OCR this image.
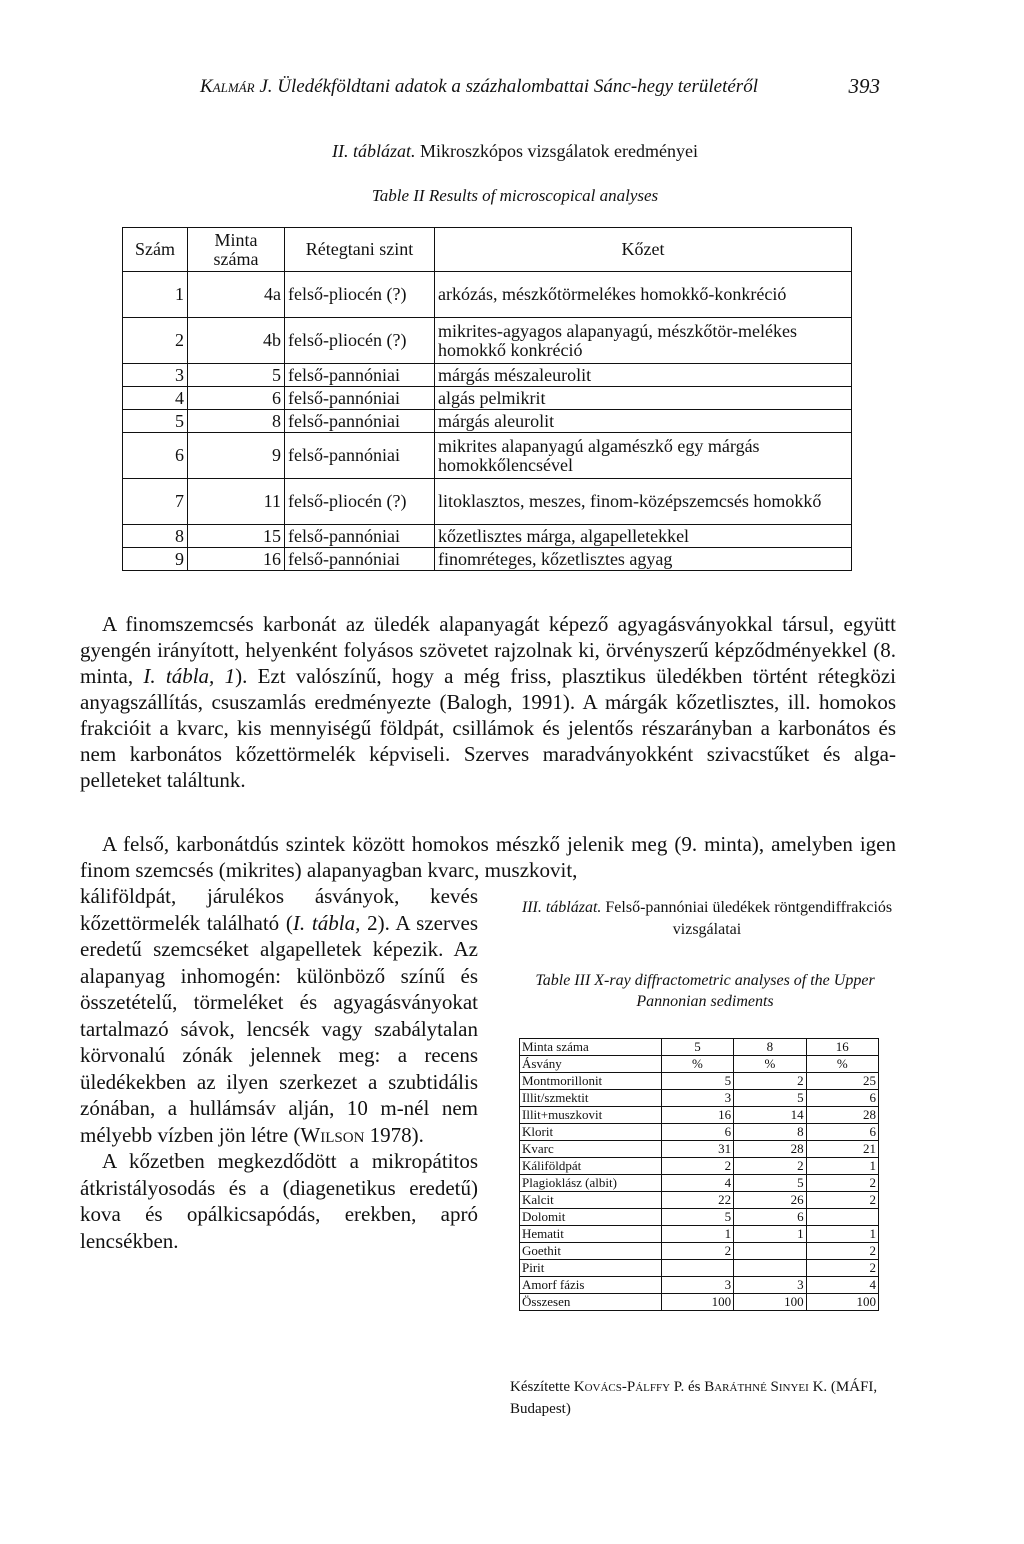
Kalmár J. Üledékföldtani adatok a százhalombattai Sánc-hegy területéről	393
II. táblázat. Mikroszkópos vizsgálatok eredményei
Table II Results of microscopical analyses
Szám	Minta száma	Rétegtani szint	Kőzet
1	4a	felső-pliocén (?)	arkózás, mészkőtörmelékes homokkő-konkréció
2	4b	felső-pliocén (?)	mikrites-agyagos alapanyagú, mészkőtör-melékes homokkő konkréció
3	5	felső-pannóniai	márgás mészaleurolit
4	6	felső-pannóniai	algás pelmikrit
5	8	felső-pannóniai	márgás aleurolit
6	9	felső-pannóniai	mikrites alapanyagú algamészkő egy márgás homokkőlencsével
7	11	felső-pliocén (?)	litoklasztos, meszes, finom-középszemcsés homokkő
8	15	felső-pannóniai	kőzetlisztes márga, algapelletekkel
9	16	felső-pannóniai	finomréteges, kőzetlisztes agyag

A finomszemcsés karbonát az üledék alapanyagát képező agyagásványokkal társul, együtt gyengén irányított, helyenként folyásos szövetet rajzolnak ki, örvényszerű képződményekkel (8. minta, I. tábla, 1). Ezt valószínű, hogy a még friss, plasztikus üledékben történt rétegközi anyagszállítás, csuszamlás eredményezte (Balogh, 1991). A márgák kőzetlisztes, ill. homokos frakcióit a kvarc, kis mennyiségű földpát, csillámok és jelentős részarányban a karbonátos és nem karbonátos kőzettörmelék képviseli. Szerves maradványokként szivacstűket és alga-pelleteket találtunk.

A felső, karbonátdús szintek között homokos mészkő jelenik meg (9. minta), amelyben igen finom szemcsés (mikrites) alapanyagban kvarc, muszkovit,

káliföldpát, járulékos ásványok, kevés kőzettörmelék található (I. tábla, 2). A szerves eredetű szemcséket algapelletek képezik. Az alapanyag inhomogén: különböző színű és összetételű, törmeléket és agyagásványokat tartalmazó sávok, lencsék vagy szabálytalan körvonalú zónák jelennek meg: a recens üledékekben az ilyen szerkezet a szubtidális zónában, a hullámsáv alján, 10 m-nél nem mélyebb vízben jön létre (Wilson 1978).

A kőzetben megkezdődött a mikropátitos átkristályosodás és a (diagenetikus eredetű) kova és opálkicsapódás, erekben, apró lencsékben.

III. táblázat. Felső-pannóniai üledékek röntgendiffrakciós vizsgálatai
Table III X-ray diffractometric analyses of the Upper Pannonian sediments
Minta száma	5	8	16
Ásvány	%	%	%
Montmorillonit	5	2	25
Illit/szmektit	3	5	6
Illit+muszkovit	16	14	28
Klorit	6	8	6
Kvarc	31	28	21
Káliföldpát	2	2	1
Plagioklász (albit)	4	5	2
Kalcit	22	26	2
Dolomit	5	6	
Hematit	1	1	1
Goethit	2		2
Pirit			2
Amorf fázis	3	3	4
Összesen	100	100	100
Készítette Kovács-Pálffy P. és Baráthné Sinyei K. (MÁFI, Budapest)
